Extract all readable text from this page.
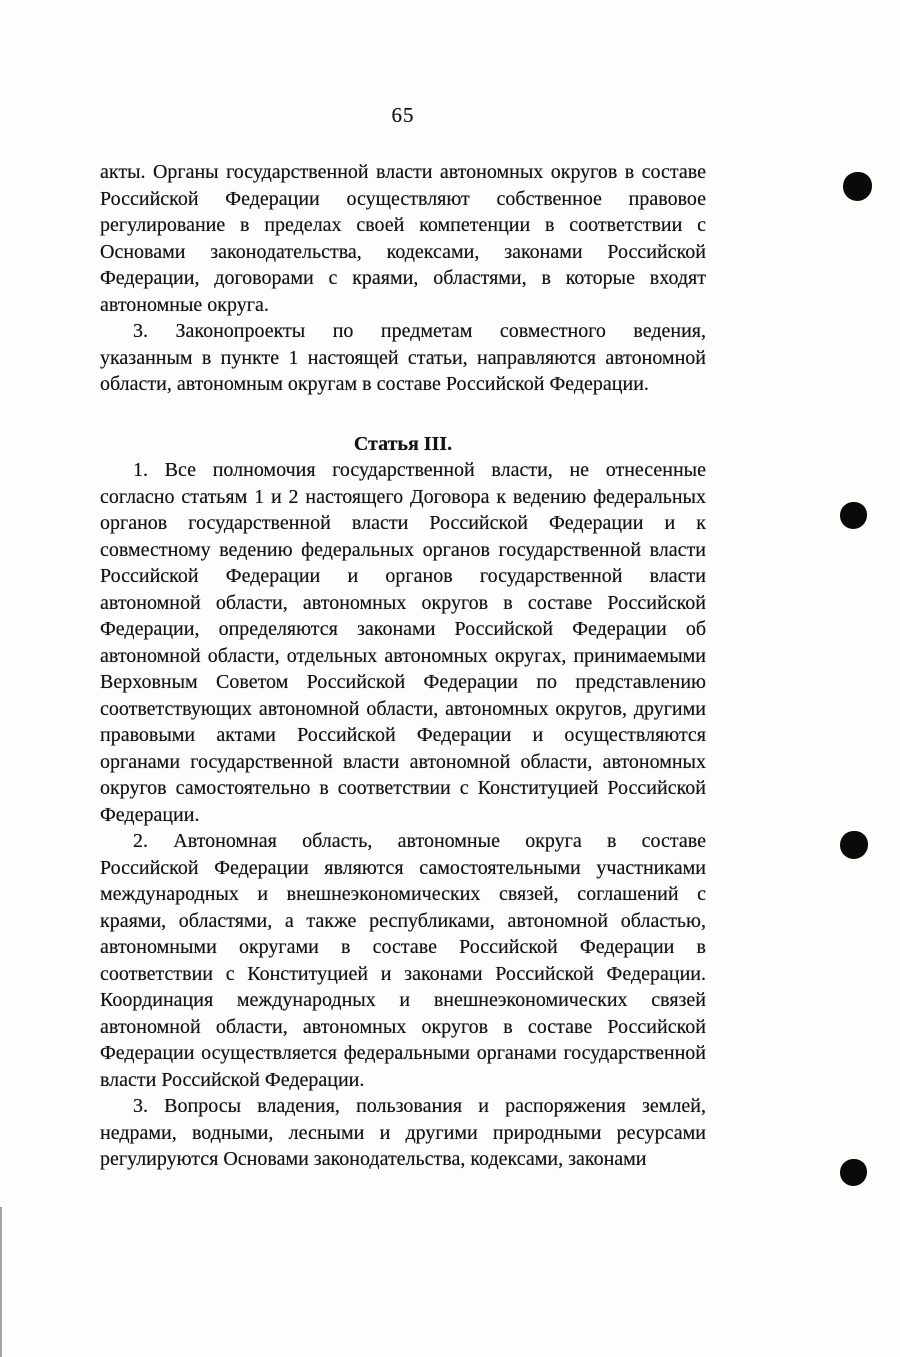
65
акты. Органы государственной власти автономных округов в составе
Российской Федерации осуществляют собственное правовое
регулирование в пределах своей компетенции в соответствии с
Основами законодательства, кодексами, законами Российской
Федерации, договорами с краями, областями, в которые входят
автономные округа.
3. Законопроекты по предметам совместного ведения,
указанным в пункте 1 настоящей статьи, направляются автономной
области, автономным округам в составе Российской Федерации.
Статья III.
1. Все полномочия государственной власти, не отнесенные
согласно статьям 1 и 2 настоящего Договора к ведению федеральных
органов государственной власти Российской Федерации и к
совместному ведению федеральных органов государственной власти
Российской Федерации и органов государственной власти
автономной области, автономных округов в составе Российской
Федерации, определяются законами Российской Федерации об
автономной области, отдельных автономных округах, принимаемыми
Верховным Советом Российской Федерации по представлению
соответствующих автономной области, автономных округов, другими
правовыми актами Российской Федерации и осуществляются
органами государственной власти автономной области, автономных
округов самостоятельно в соответствии с Конституцией Российской
Федерации.
2. Автономная область, автономные округа в составе
Российской Федерации являются самостоятельными участниками
международных и внешнеэкономических связей, соглашений с
краями, областями, а также республиками, автономной областью,
автономными округами в составе Российской Федерации в
соответствии с Конституцией и законами Российской Федерации.
Координация международных и внешнеэкономических связей
автономной области, автономных округов в составе Российской
Федерации осуществляется федеральными органами государственной
власти Российской Федерации.
3. Вопросы владения, пользования и распоряжения землей,
недрами, водными, лесными и другими природными ресурсами
регулируются Основами законодательства, кодексами, законами
